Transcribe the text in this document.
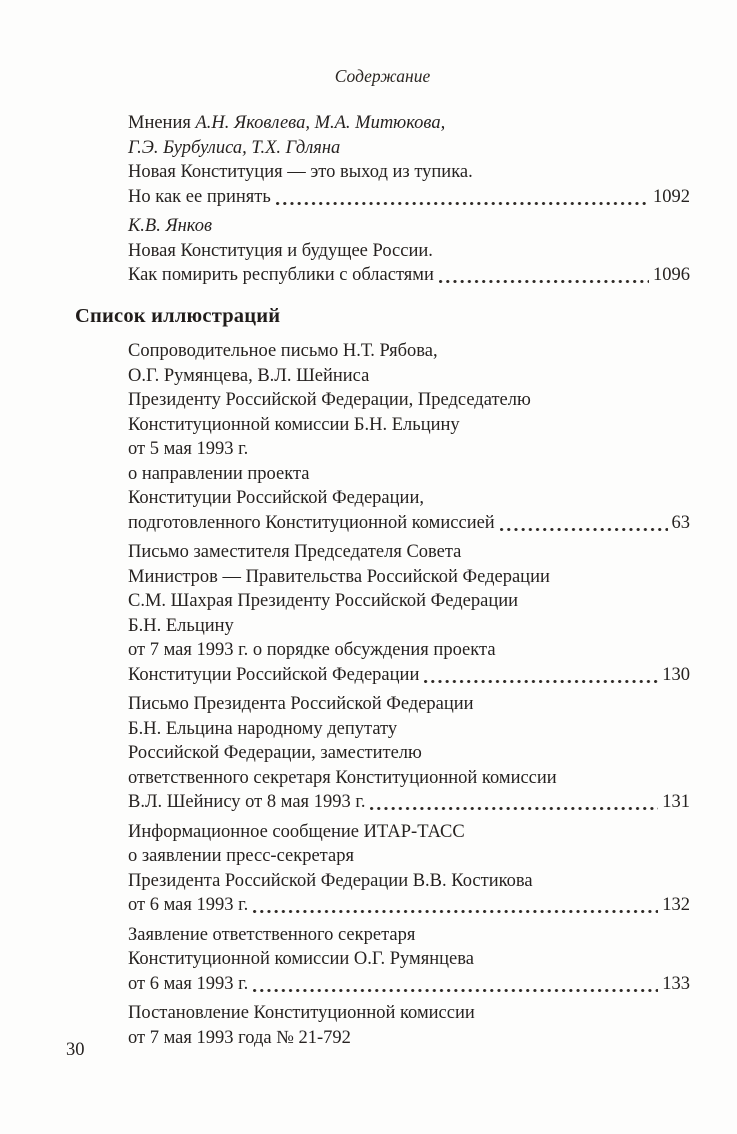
Содержание
Мнения А.Н. Яковлева, М.А. Митюкова,
Г.Э. Бурбулиса, Т.Х. Гдляна
Новая Конституция — это выход из тупика.
Но как ее принять	1092
К.В. Янков
Новая Конституция и будущее России.
Как помирить республики с областями	1096
Список иллюстраций
Сопроводительное письмо Н.Т. Рябова,
О.Г. Румянцева, В.Л. Шейниса
Президенту Российской Федерации, Председателю
Конституционной комиссии Б.Н. Ельцину
от 5 мая 1993 г.
о направлении проекта
Конституции Российской Федерации,
подготовленного Конституционной комиссией	63
Письмо заместителя Председателя Совета
Министров — Правительства Российской Федерации
С.М. Шахрая Президенту Российской Федерации
Б.Н. Ельцину
от 7 мая 1993 г. о порядке обсуждения проекта
Конституции Российской Федерации	130
Письмо Президента Российской Федерации
Б.Н. Ельцина народному депутату
Российской Федерации, заместителю
ответственного секретаря Конституционной комиссии
В.Л. Шейнису от 8 мая 1993 г.	131
Информационное сообщение ИТАР-ТАСС
о заявлении пресс-секретаря
Президента Российской Федерации В.В. Костикова
от 6 мая 1993 г.	132
Заявление ответственного секретаря
Конституционной комиссии О.Г. Румянцева
от 6 мая 1993 г.	133
Постановление Конституционной комиссии
от 7 мая 1993 года № 21-792
30
